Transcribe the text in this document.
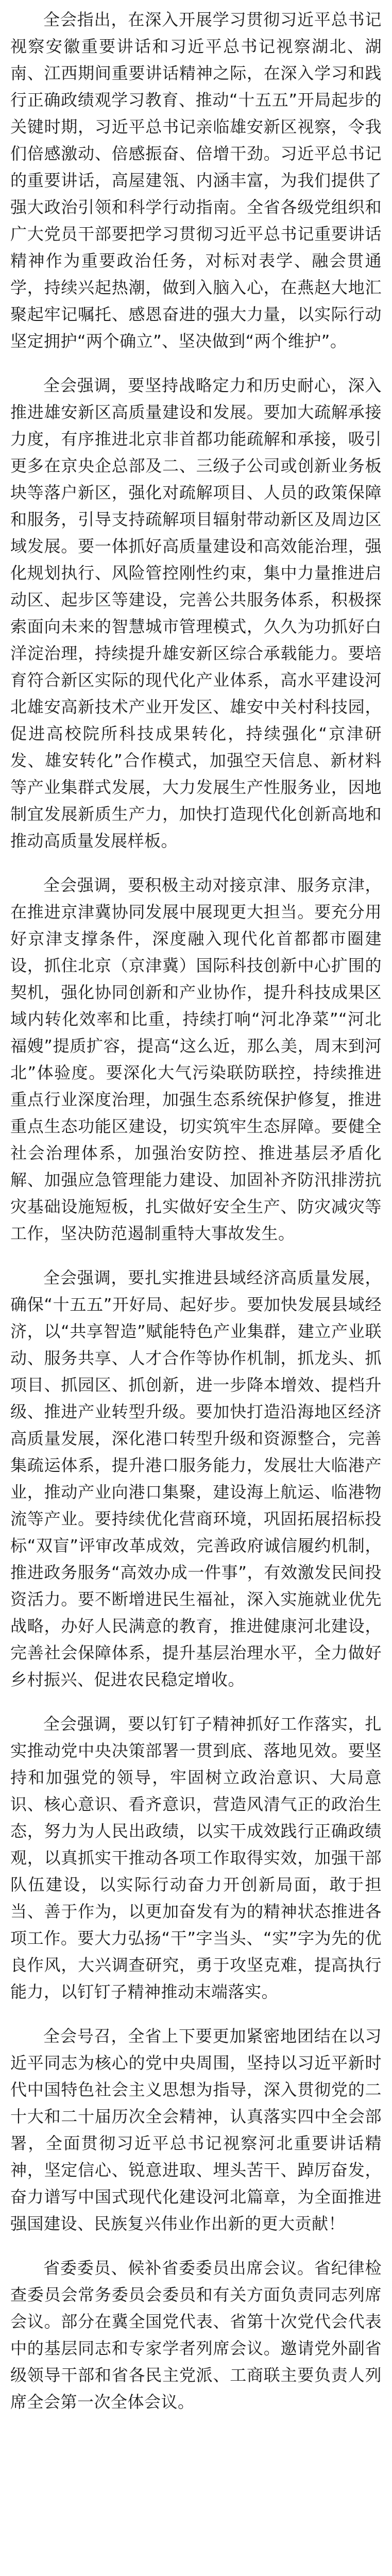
全会指出，在深入开展学习贯彻习近平总书记视察安徽重要讲话和习近平总书记视察湖北、湖南、江西期间重要讲话精神之际，在深入学习和践行正确政绩观学习教育、推动“十五五”开局起步的关键时期，习近平总书记亲临雄安新区视察，令我们倍感激动、倍感振奋、倍增干劲。习近平总书记的重要讲话，高屋建瓴、内涵丰富，为我们提供了强大政治引领和科学行动指南。全省各级党组织和广大党员干部要把学习贯彻习近平总书记重要讲话精神作为重要政治任务，对标对表学、融会贯通学，持续兴起热潮，做到入脑入心，在燕赵大地汇聚起牢记嘱托、感恩奋进的强大力量，以实际行动坚定拥护“两个确立”、坚决做到“两个维护”。

全会强调，要坚持战略定力和历史耐心，深入推进雄安新区高质量建设和发展。要加大疏解承接力度，有序推进北京非首都功能疏解和承接，吸引更多在京央企总部及二、三级子公司或创新业务板块等落户新区，强化对疏解项目、人员的政策保障和服务，引导支持疏解项目辐射带动新区及周边区域发展。要一体抓好高质量建设和高效能治理，强化规划执行、风险管控刚性约束，集中力量推进启动区、起步区等建设，完善公共服务体系，积极探索面向未来的智慧城市管理模式，久久为功抓好白洋淀治理，持续提升雄安新区综合承载能力。要培育符合新区实际的现代化产业体系，高水平建设河北雄安高新技术产业开发区、雄安中关村科技园，促进高校院所科技成果转化，持续强化“京津研发、雄安转化”合作模式，加强空天信息、新材料等产业集群式发展，大力发展生产性服务业，因地制宜发展新质生产力，加快打造现代化创新高地和推动高质量发展样板。

全会强调，要积极主动对接京津、服务京津，在推进京津冀协同发展中展现更大担当。要充分用好京津支撑条件，深度融入现代化首都都市圈建设，抓住北京（京津冀）国际科技创新中心扩围的契机，强化协同创新和产业协作，提升科技成果区域内转化效率和比重，持续打响“河北净菜”“河北福嫂”提质扩容，提高“这么近，那么美，周末到河北”体验度。要深化大气污染联防联控，持续推进重点行业深度治理，加强生态系统保护修复，推进重点生态功能区建设，切实筑牢生态屏障。要健全社会治理体系，加强治安防控、推进基层矛盾化解、加强应急管理能力建设、加固补齐防汛排涝抗灾基础设施短板，扎实做好安全生产、防灾减灾等工作，坚决防范遏制重特大事故发生。

全会强调，要扎实推进县域经济高质量发展，确保“十五五”开好局、起好步。要加快发展县域经济，以“共享智造”赋能特色产业集群，建立产业联动、服务共享、人才合作等协作机制，抓龙头、抓项目、抓园区、抓创新，进一步降本增效、提档升级、推进产业转型升级。要加快打造沿海地区经济高质量发展，深化港口转型升级和资源整合，完善集疏运体系，提升港口服务能力，发展壮大临港产业，推动产业向港口集聚，建设海上航运、临港物流等产业。要持续优化营商环境，巩固拓展招标投标“双盲”评审改革成效，完善政府诚信履约机制，推进政务服务“高效办成一件事”，有效激发民间投资活力。要不断增进民生福祉，深入实施就业优先战略，办好人民满意的教育，推进健康河北建设，完善社会保障体系，提升基层治理水平，全力做好乡村振兴、促进农民稳定增收。

全会强调，要以钉钉子精神抓好工作落实，扎实推动党中央决策部署一贯到底、落地见效。要坚持和加强党的领导，牢固树立政治意识、大局意识、核心意识、看齐意识，营造风清气正的政治生态，努力为人民出政绩，以实干成效践行正确政绩观，以真抓实干推动各项工作取得实效，加强干部队伍建设，以实际行动奋力开创新局面，敢于担当、善于作为，以更加奋发有为的精神状态推进各项工作。要大力弘扬“干”字当头、“实”字为先的优良作风，大兴调查研究，勇于攻坚克难，提高执行能力，以钉钉子精神推动末端落实。

全会号召，全省上下要更加紧密地团结在以习近平同志为核心的党中央周围，坚持以习近平新时代中国特色社会主义思想为指导，深入贯彻党的二十大和二十届历次全会精神，认真落实四中全会部署，全面贯彻习近平总书记视察河北重要讲话精神，坚定信心、锐意进取、埋头苦干、踔厉奋发，奋力谱写中国式现代化建设河北篇章，为全面推进强国建设、民族复兴伟业作出新的更大贡献！

省委委员、候补省委委员出席会议。省纪律检查委员会常务委员会委员和有关方面负责同志列席会议。部分在冀全国党代表、省第十次党代会代表中的基层同志和专家学者列席会议。邀请党外副省级领导干部和省各民主党派、工商联主要负责人列席全会第一次全体会议。
